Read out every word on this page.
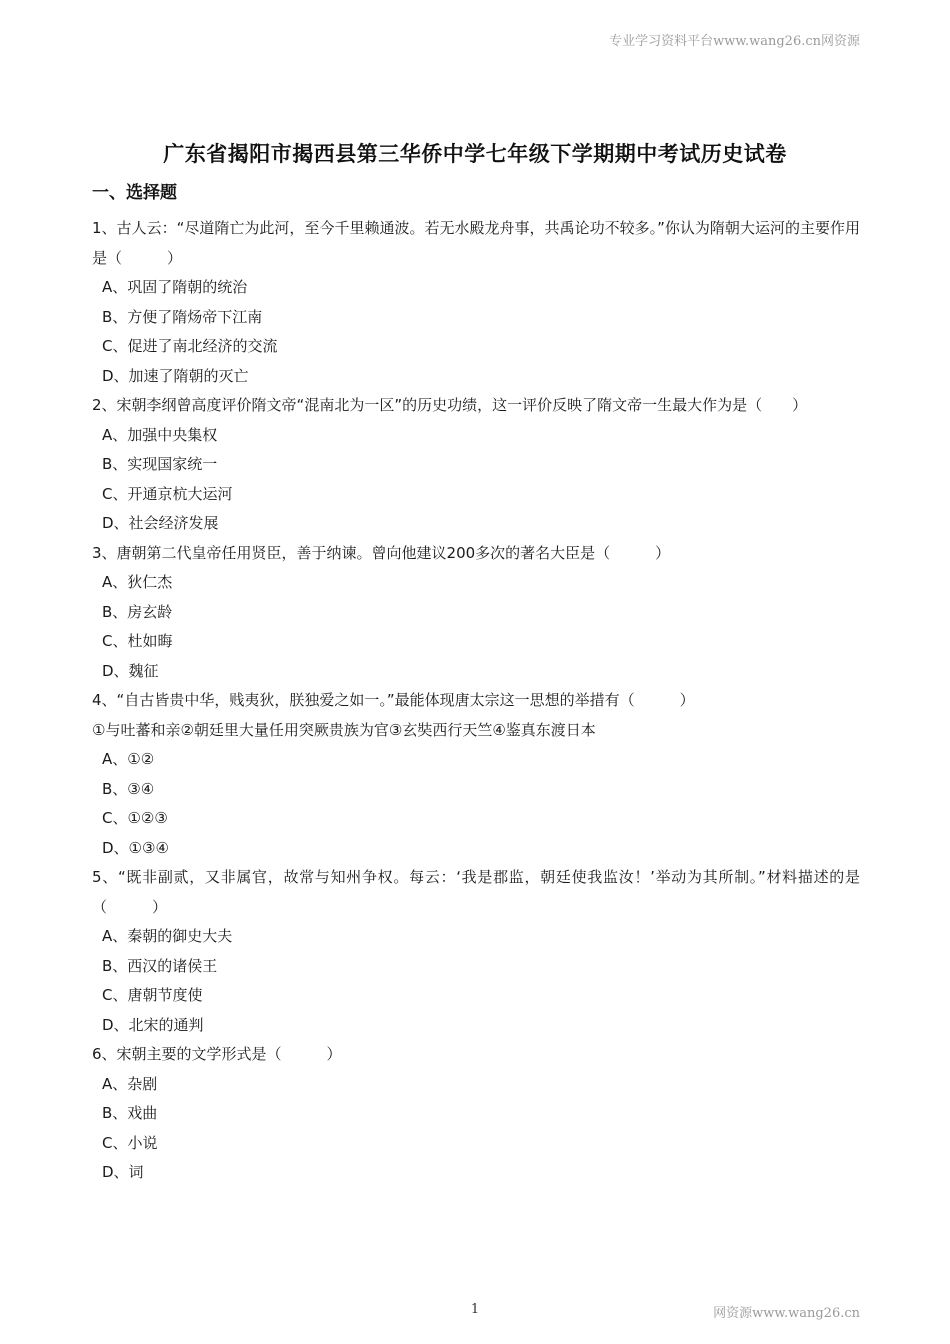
专业学习资料平台www.wang26.cn网资源
广东省揭阳市揭西县第三华侨中学七年级下学期期中考试历史试卷
一、选择题
1、古人云：“尽道隋亡为此河，至今千里赖通波。若无水殿龙舟事，共禹论功不较多。”你认为隋朝大运河的主要作用是（　　　）
A、巩固了隋朝的统治
B、方便了隋炀帝下江南
C、促进了南北经济的交流
D、加速了隋朝的灭亡
2、宋朝李纲曾高度评价隋文帝“混南北为一区”的历史功绩，这一评价反映了隋文帝一生最大作为是（　　）
A、加强中央集权
B、实现国家统一
C、开通京杭大运河
D、社会经济发展
3、唐朝第二代皇帝任用贤臣，善于纳谏。曾向他建议200多次的著名大臣是（　　　）
A、狄仁杰
B、房玄龄
C、杜如晦
D、魏征
4、“自古皆贵中华，贱夷狄，朕独爱之如一。”最能体现唐太宗这一思想的举措有（　　　）
①与吐蕃和亲②朝廷里大量任用突厥贵族为官③玄奘西行天竺④鉴真东渡日本
A、①②
B、③④
C、①②③
D、①③④
5、“既非副贰，又非属官，故常与知州争权。每云：‘我是郡监，朝廷使我监汝！’举动为其所制。”材料描述的是（　　　）
A、秦朝的御史大夫
B、西汉的诸侯王
C、唐朝节度使
D、北宋的通判
6、宋朝主要的文学形式是（　　　）
A、杂剧
B、戏曲
C、小说
D、词
1	网资源www.wang26.cn
